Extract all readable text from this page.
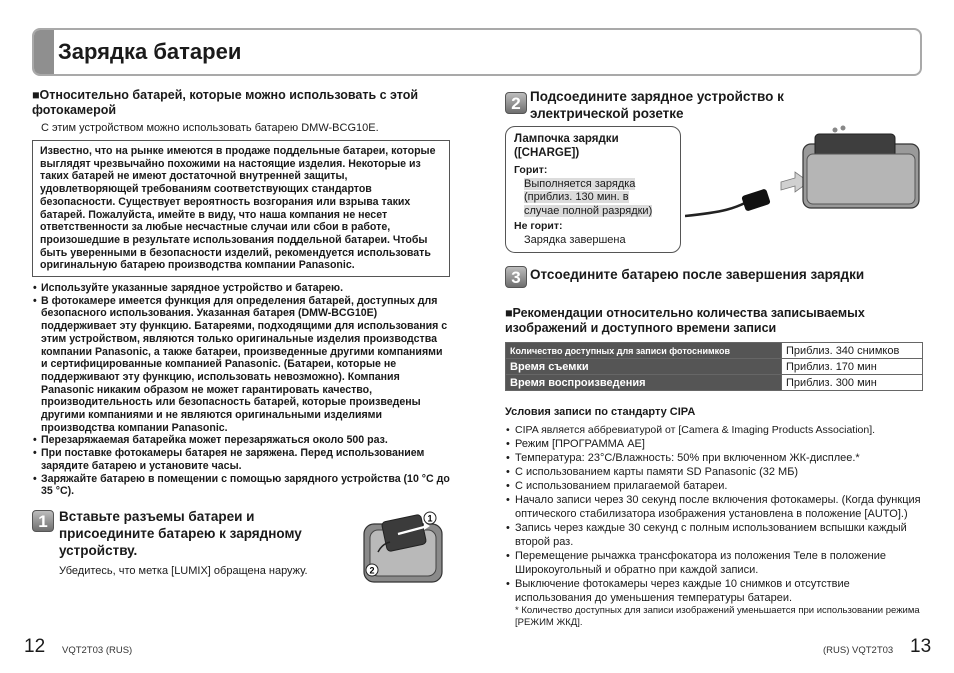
Зарядка батареи
■Относительно батарей, которые можно использовать с этой фотокамерой
С этим устройством можно использовать батарею DMW-BCG10E.
Известно, что на рынке имеются в продаже поддельные батареи, которые выглядят чрезвычайно похожими на настоящие изделия. Некоторые из таких батарей не имеют достаточной внутренней защиты, удовлетворяющей требованиям соответствующих стандартов безопасности. Существует вероятность возгорания или взрыва таких батарей. Пожалуйста, имейте в виду, что наша компания не несет ответственности за любые несчастные случаи или сбои в работе, произошедшие в результате использования поддельной батареи. Чтобы быть уверенными в безопасности изделий, рекомендуется использовать оригинальную батарею производства компании Panasonic.
• Используйте указанные зарядное устройство и батарею.
• В фотокамере имеется функция для определения батарей, доступных для безопасного использования. Указанная батарея (DMW-BCG10E) поддерживает эту функцию. Батареями, подходящими для использования с этим устройством, являются только оригинальные изделия производства компании Panasonic, а также батареи, произведенные другими компаниями и сертифицированные компанией Panasonic. (Батареи, которые не поддерживают эту функцию, использовать невозможно). Компания Panasonic никаким образом не может гарантировать качество, производительность или безопасность батарей, которые произведены другими компаниями и не являются оригинальными изделиями производства компании Panasonic.
• Перезаряжаемая батарейка может перезаряжаться около 500 раз.
• При поставке фотокамеры батарея не заряжена. Перед использованием зарядите батарею и установите часы.
• Заряжайте батарею в помещении с помощью зарядного устройства (10 °C до 35 °C).
1 Вставьте разъемы батареи и присоедините батарею к зарядному устройству.
Убедитесь, что метка [LUMIX] обращена наружу.
1
2
2 Подсоедините зарядное устройство к электрической розетке
Лампочка зарядки ([CHARGE])
Горит:
Выполняется зарядка (приблиз. 130 мин. в случае полной разрядки)
Не горит:
Зарядка завершена
3 Отсоедините батарею после завершения зарядки
■Рекомендации относительно количества записываемых изображений и доступного времени записи
Количество доступных для записи фотоснимков	Приблиз. 340 снимков
Время съемки	Приблиз. 170 мин
Время воспроизведения	Приблиз. 300 мин
Условия записи по стандарту CIPA
• CIPA является аббревиатурой от [Camera & Imaging Products Association].
• Режим [ПРОГРАММА АЕ]
• Температура: 23°C/Влажность: 50% при включенном ЖК-дисплее.*
• С использованием карты памяти SD Panasonic (32 МБ)
• С использованием прилагаемой батареи.
• Начало записи через 30 секунд после включения фотокамеры. (Когда функция оптического стабилизатора изображения установлена в положение [AUTO].)
• Запись через каждые 30 секунд с полным использованием вспышки каждый второй раз.
• Перемещение рычажка трансфокатора из положения Теле в положение Широкоугольный и обратно при каждой записи.
• Выключение фотокамеры через каждые 10 снимков и отсутствие использования до уменьшения температуры батареи.
* Количество доступных для записи изображений уменьшается при использовании режима [РЕЖИМ ЖКД].
12 VQT2T03 (RUS)	(RUS) VQT2T03 13
